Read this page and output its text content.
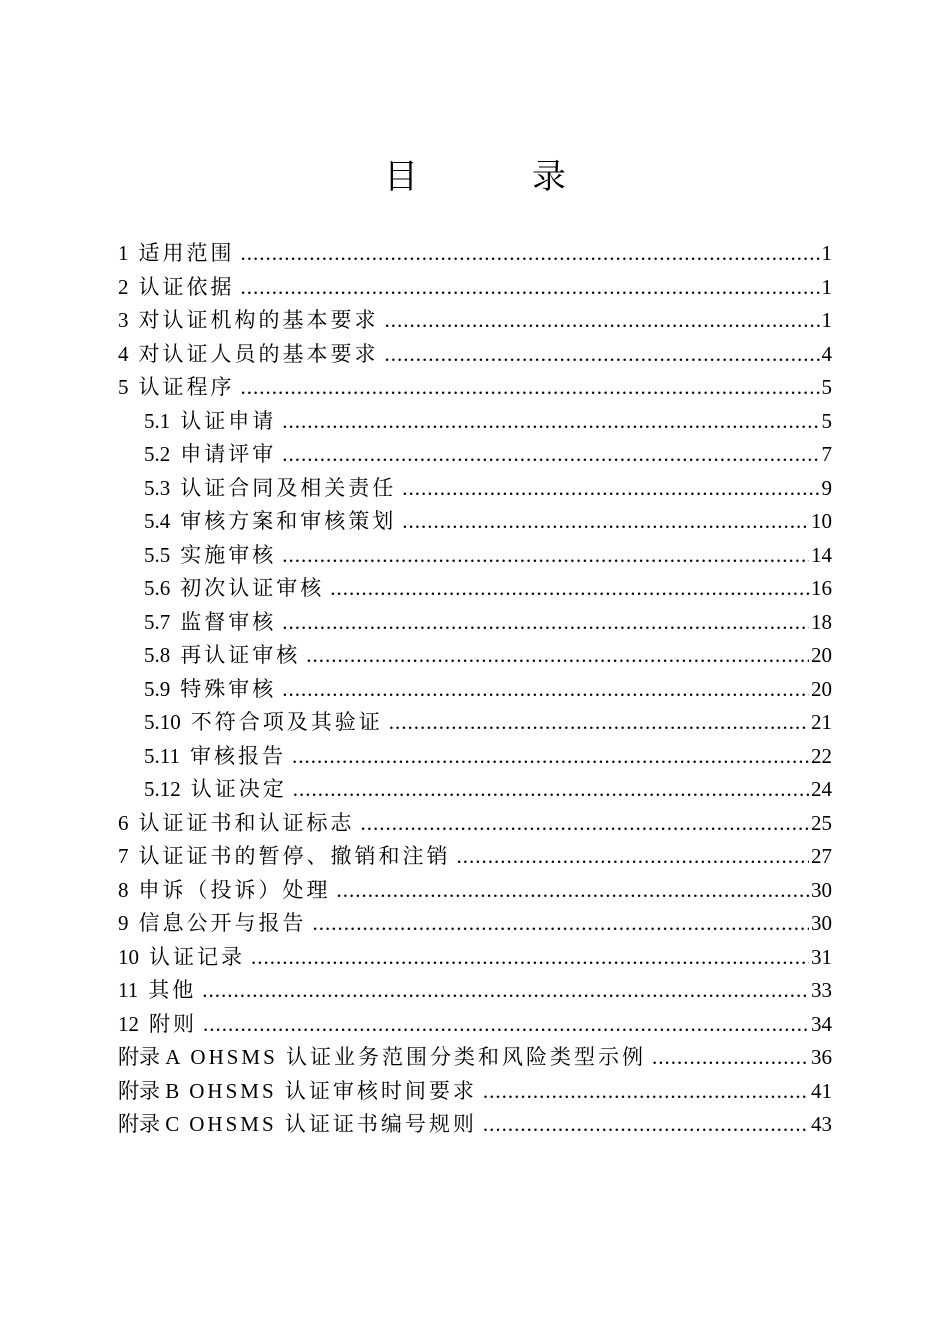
目　录
1 适用范围 .....	1
2 认证依据 .....	1
3 对认证机构的基本要求 .....	1
4 对认证人员的基本要求 .....	4
5 认证程序 .....	5
5.1 认证申请 .....	5
5.2 申请评审 .....	7
5.3 认证合同及相关责任 .....	9
5.4 审核方案和审核策划 .....	10
5.5 实施审核 .....	14
5.6 初次认证审核 .....	16
5.7 监督审核 .....	18
5.8 再认证审核 .....	20
5.9 特殊审核 .....	20
5.10 不符合项及其验证 .....	21
5.11 审核报告 .....	22
5.12 认证决定 .....	24
6 认证证书和认证标志 .....	25
7 认证证书的暂停、撤销和注销 .....	27
8 申诉（投诉）处理 .....	30
9 信息公开与报告 .....	30
10 认证记录 .....	31
11 其他 .....	33
12 附则 .....	34
附录 A OHSMS 认证业务范围分类和风险类型示例 .....	36
附录 B OHSMS 认证审核时间要求 .....	41
附录 C OHSMS 认证证书编号规则 .....	43
